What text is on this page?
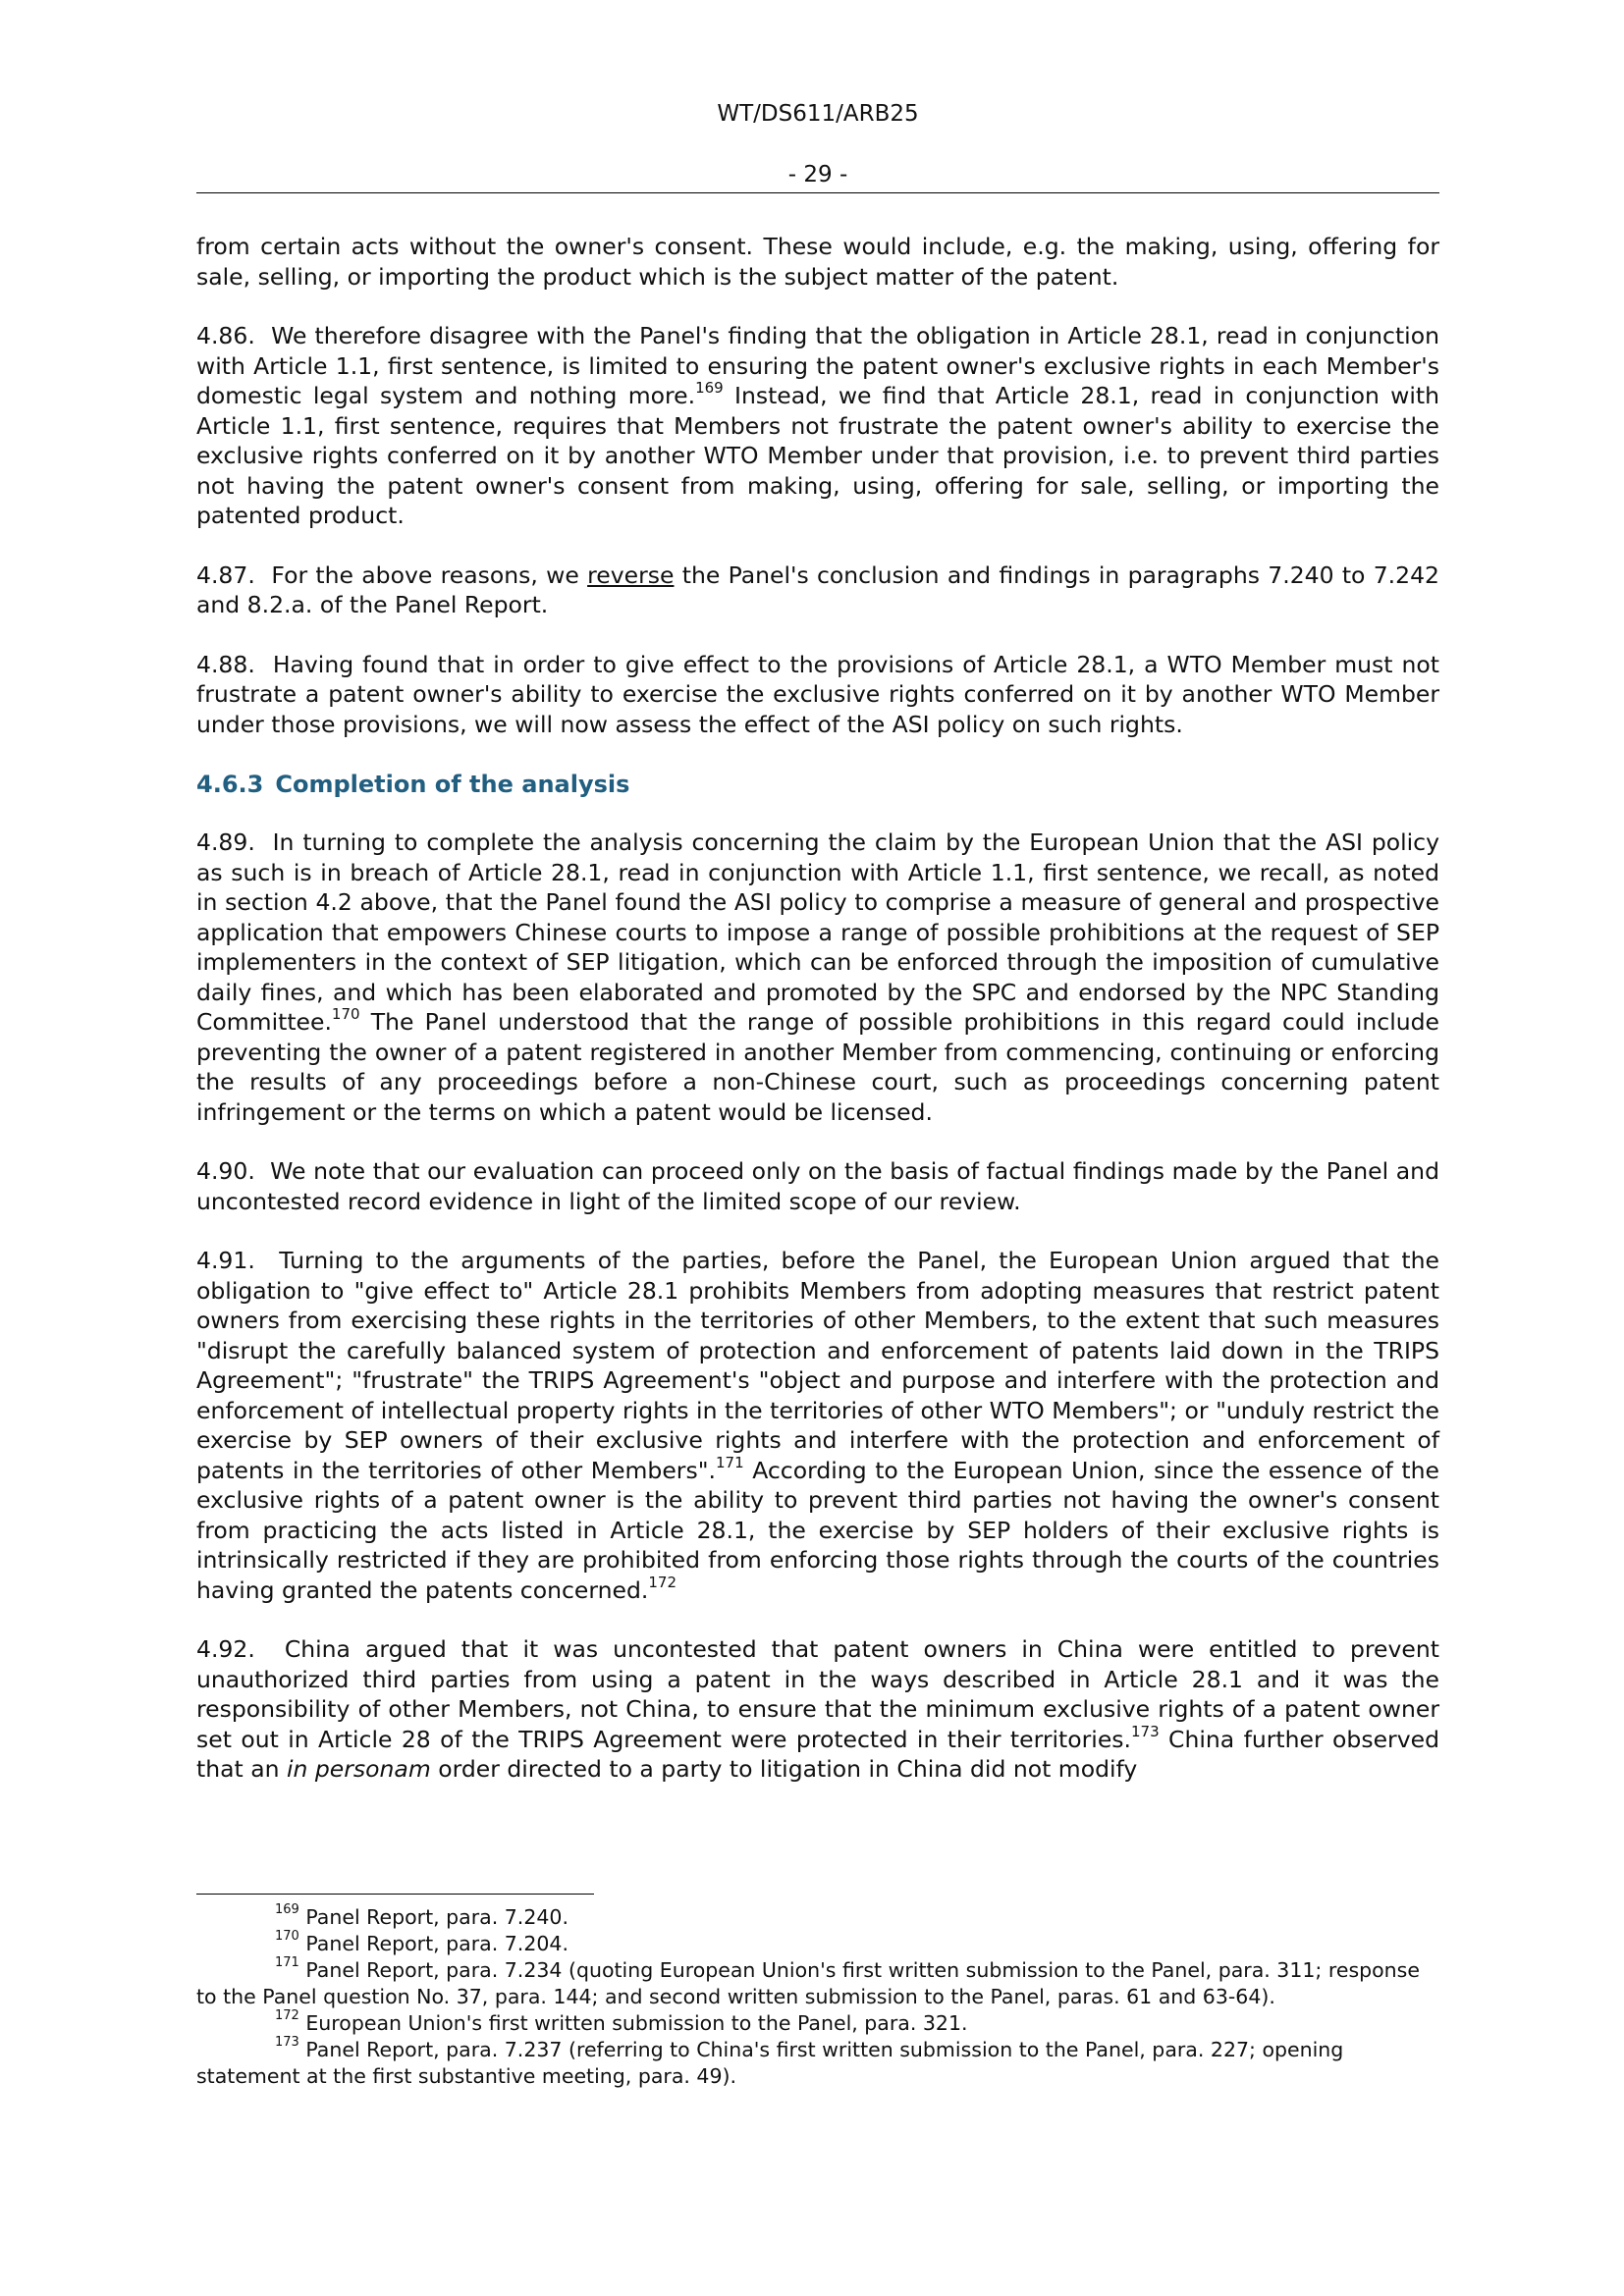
WT/DS611/ARB25
- 29 -

from certain acts without the owner's consent. These would include, e.g. the making, using, offering for sale, selling, or importing the product which is the subject matter of the patent.

4.86. We therefore disagree with the Panel's finding that the obligation in Article 28.1, read in conjunction with Article 1.1, first sentence, is limited to ensuring the patent owner's exclusive rights in each Member's domestic legal system and nothing more.$^{169}$ Instead, we find that Article 28.1, read in conjunction with Article 1.1, first sentence, requires that Members not frustrate the patent owner's ability to exercise the exclusive rights conferred on it by another WTO Member under that provision, i.e. to prevent third parties not having the patent owner's consent from making, using, offering for sale, selling, or importing the patented product.

4.87. For the above reasons, we reverse the Panel's conclusion and findings in paragraphs 7.240 to 7.242 and 8.2.a. of the Panel Report.

4.88. Having found that in order to give effect to the provisions of Article 28.1, a WTO Member must not frustrate a patent owner's ability to exercise the exclusive rights conferred on it by another WTO Member under those provisions, we will now assess the effect of the ASI policy on such rights.

4.6.3 Completion of the analysis

4.89. In turning to complete the analysis concerning the claim by the European Union that the ASI policy as such is in breach of Article 28.1, read in conjunction with Article 1.1, first sentence, we recall, as noted in section 4.2 above, that the Panel found the ASI policy to comprise a measure of general and prospective application that empowers Chinese courts to impose a range of possible prohibitions at the request of SEP implementers in the context of SEP litigation, which can be enforced through the imposition of cumulative daily fines, and which has been elaborated and promoted by the SPC and endorsed by the NPC Standing Committee.$^{170}$ The Panel understood that the range of possible prohibitions in this regard could include preventing the owner of a patent registered in another Member from commencing, continuing or enforcing the results of any proceedings before a non-Chinese court, such as proceedings concerning patent infringement or the terms on which a patent would be licensed.

4.90. We note that our evaluation can proceed only on the basis of factual findings made by the Panel and uncontested record evidence in light of the limited scope of our review.

4.91. Turning to the arguments of the parties, before the Panel, the European Union argued that the obligation to "give effect to" Article 28.1 prohibits Members from adopting measures that restrict patent owners from exercising these rights in the territories of other Members, to the extent that such measures "disrupt the carefully balanced system of protection and enforcement of patents laid down in the TRIPS Agreement"; "frustrate" the TRIPS Agreement's "object and purpose and interfere with the protection and enforcement of intellectual property rights in the territories of other WTO Members"; or "unduly restrict the exercise by SEP owners of their exclusive rights and interfere with the protection and enforcement of patents in the territories of other Members".$^{171}$ According to the European Union, since the essence of the exclusive rights of a patent owner is the ability to prevent third parties not having the owner's consent from practicing the acts listed in Article 28.1, the exercise by SEP holders of their exclusive rights is intrinsically restricted if they are prohibited from enforcing those rights through the courts of the countries having granted the patents concerned.$^{172}$

4.92. China argued that it was uncontested that patent owners in China were entitled to prevent unauthorized third parties from using a patent in the ways described in Article 28.1 and it was the responsibility of other Members, not China, to ensure that the minimum exclusive rights of a patent owner set out in Article 28 of the TRIPS Agreement were protected in their territories.$^{173}$ China further observed that an in personam order directed to a party to litigation in China did not modify

$^{169}$ Panel Report, para. 7.240.

$^{170}$ Panel Report, para. 7.204.

$^{171}$ Panel Report, para. 7.234 (quoting European Union's first written submission to the Panel, para. 311; response to the Panel question No. 37, para. 144; and second written submission to the Panel, paras. 61 and 63-64).

$^{172}$ European Union's first written submission to the Panel, para. 321.

$^{173}$ Panel Report, para. 7.237 (referring to China's first written submission to the Panel, para. 227; opening statement at the first substantive meeting, para. 49).
